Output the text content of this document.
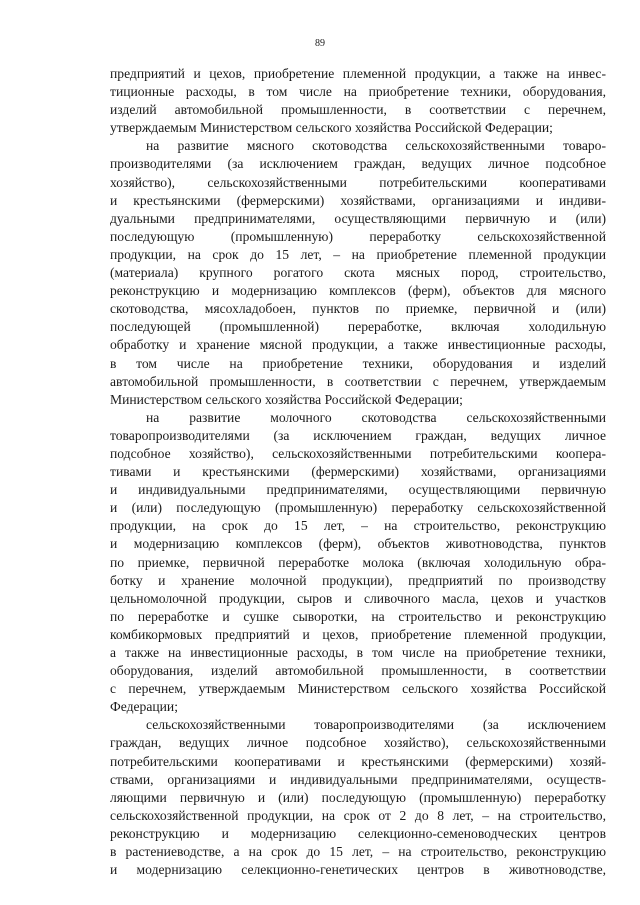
89
предприятий и цехов, приобретение племенной продукции, а также на инвес-
тиционные расходы, в том числе на приобретение техники, оборудования,
изделий автомобильной промышленности, в соответствии с перечнем,
утверждаемым Министерством сельского хозяйства Российской Федерации;
на развитие мясного скотоводства сельскохозяйственными товаро-
производителями (за исключением граждан, ведущих личное подсобное
хозяйство), сельскохозяйственными потребительскими кооперативами
и крестьянскими (фермерскими) хозяйствами, организациями и индиви-
дуальными предпринимателями, осуществляющими первичную и (или)
последующую (промышленную) переработку сельскохозяйственной
продукции, на срок до 15 лет, – на приобретение племенной продукции
(материала) крупного рогатого скота мясных пород, строительство,
реконструкцию и модернизацию комплексов (ферм), объектов для мясного
скотоводства, мясохладобоен, пунктов по приемке, первичной и (или)
последующей (промышленной) переработке, включая холодильную
обработку и хранение мясной продукции, а также инвестиционные расходы,
в том числе на приобретение техники, оборудования и изделий
автомобильной промышленности, в соответствии с перечнем, утверждаемым
Министерством сельского хозяйства Российской Федерации;
на развитие молочного скотоводства сельскохозяйственными
товаропроизводителями (за исключением граждан, ведущих личное
подсобное хозяйство), сельскохозяйственными потребительскими коопера-
тивами и крестьянскими (фермерскими) хозяйствами, организациями
и индивидуальными предпринимателями, осуществляющими первичную
и (или) последующую (промышленную) переработку сельскохозяйственной
продукции, на срок до 15 лет, – на строительство, реконструкцию
и модернизацию комплексов (ферм), объектов животноводства, пунктов
по приемке, первичной переработке молока (включая холодильную обра-
ботку и хранение молочной продукции), предприятий по производству
цельномолочной продукции, сыров и сливочного масла, цехов и участков
по переработке и сушке сыворотки, на строительство и реконструкцию
комбикормовых предприятий и цехов, приобретение племенной продукции,
а также на инвестиционные расходы, в том числе на приобретение техники,
оборудования, изделий автомобильной промышленности, в соответствии
с перечнем, утверждаемым Министерством сельского хозяйства Российской
Федерации;
сельскохозяйственными товаропроизводителями (за исключением
граждан, ведущих личное подсобное хозяйство), сельскохозяйственными
потребительскими кооперативами и крестьянскими (фермерскими) хозяй-
ствами, организациями и индивидуальными предпринимателями, осуществ-
ляющими первичную и (или) последующую (промышленную) переработку
сельскохозяйственной продукции, на срок от 2 до 8 лет, – на строительство,
реконструкцию и модернизацию селекционно-семеноводческих центров
в растениеводстве, а на срок до 15 лет, – на строительство, реконструкцию
и модернизацию селекционно-генетических центров в животноводстве,
